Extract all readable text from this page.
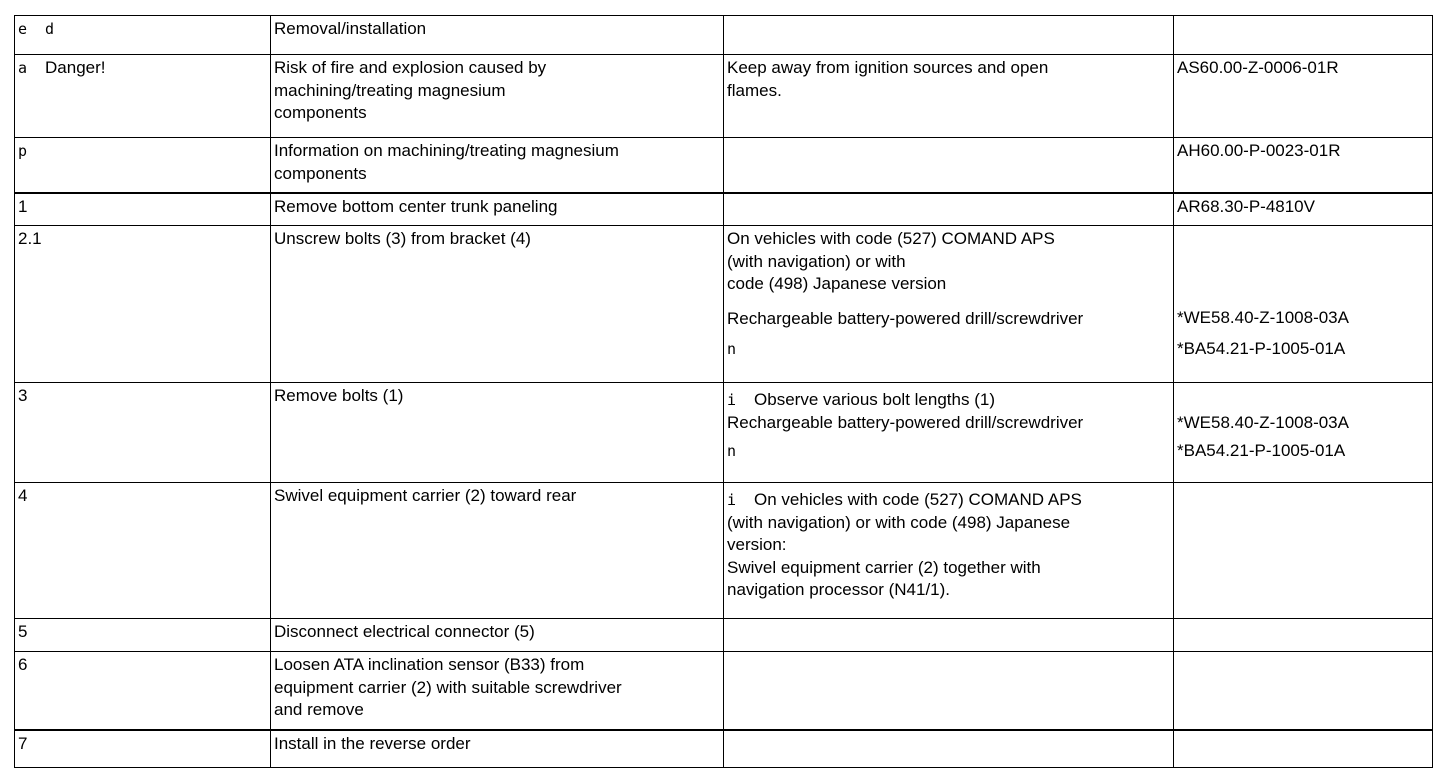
e d	Removal/installation		

a Danger!	Risk of fire and explosion caused by
machining/treating magnesium
components	Keep away from ignition sources and open
flames.	AS60.00-Z-0006-01R

p	Information on machining/treating magnesium
components		AH60.00-P-0023-01R

1	Remove bottom center trunk paneling		AR68.30-P-4810V

2.1	Unscrew bolts (3) from bracket (4)	On vehicles with code (527) COMAND APS
(with navigation) or with
code (498) Japanese version
Rechargeable battery-powered drill/screwdriver
n	*WE58.40-Z-1008-03A
*BA54.21-P-1005-01A

3	Remove bolts (1)	i Observe various bolt lengths (1)
Rechargeable battery-powered drill/screwdriver
n	*WE58.40-Z-1008-03A
*BA54.21-P-1005-01A

4	Swivel equipment carrier (2) toward rear	i On vehicles with code (527) COMAND APS
(with navigation) or with code (498) Japanese
version:
Swivel equipment carrier (2) together with
navigation processor (N41/1).	

5	Disconnect electrical connector (5)		

6	Loosen ATA inclination sensor (B33) from
equipment carrier (2) with suitable screwdriver
and remove		

7	Install in the reverse order		
